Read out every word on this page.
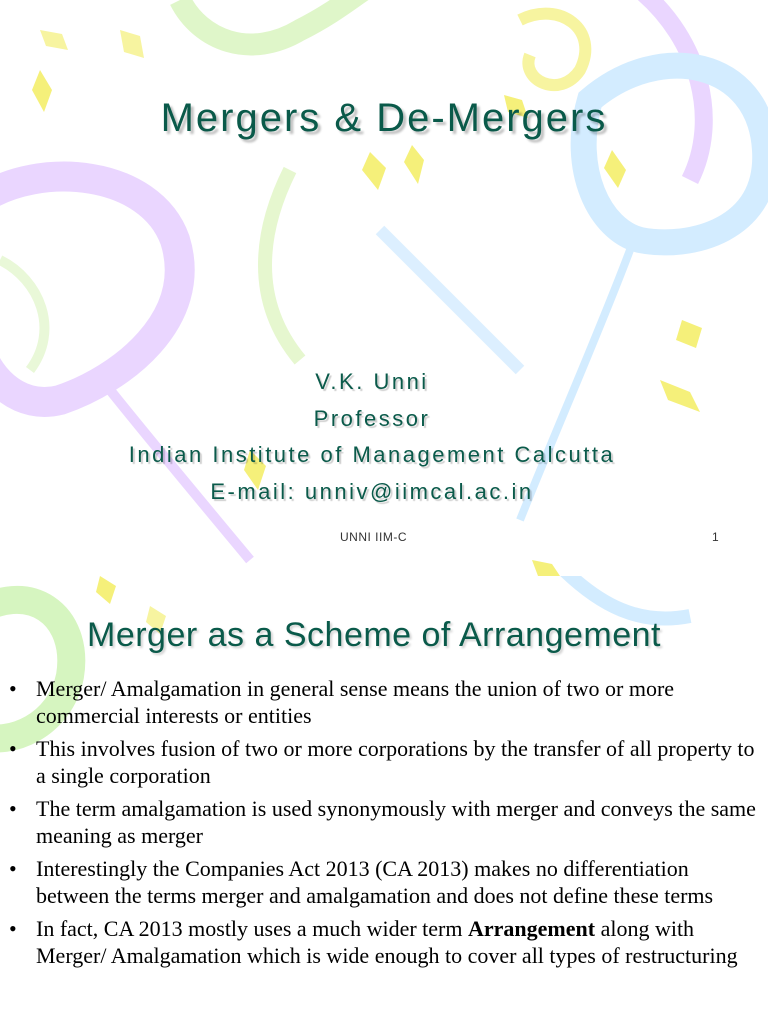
Mergers & De-Mergers
V.K. Unni
Professor
Indian Institute of Management Calcutta
E-mail: unniv@iimcal.ac.in
UNNI IIM-C	1
Merger as a Scheme of Arrangement
• Merger/ Amalgamation in general sense means the union of two or more commercial interests or entities
• This involves fusion of two or more corporations by the transfer of all property to a single corporation
• The term amalgamation is used synonymously with merger and conveys the same meaning as merger
• Interestingly the Companies Act 2013 (CA 2013) makes no differentiation between the terms merger and amalgamation and does not define these terms
• In fact, CA 2013 mostly uses a much wider term Arrangement along with Merger/ Amalgamation which is wide enough to cover all types of restructuring
